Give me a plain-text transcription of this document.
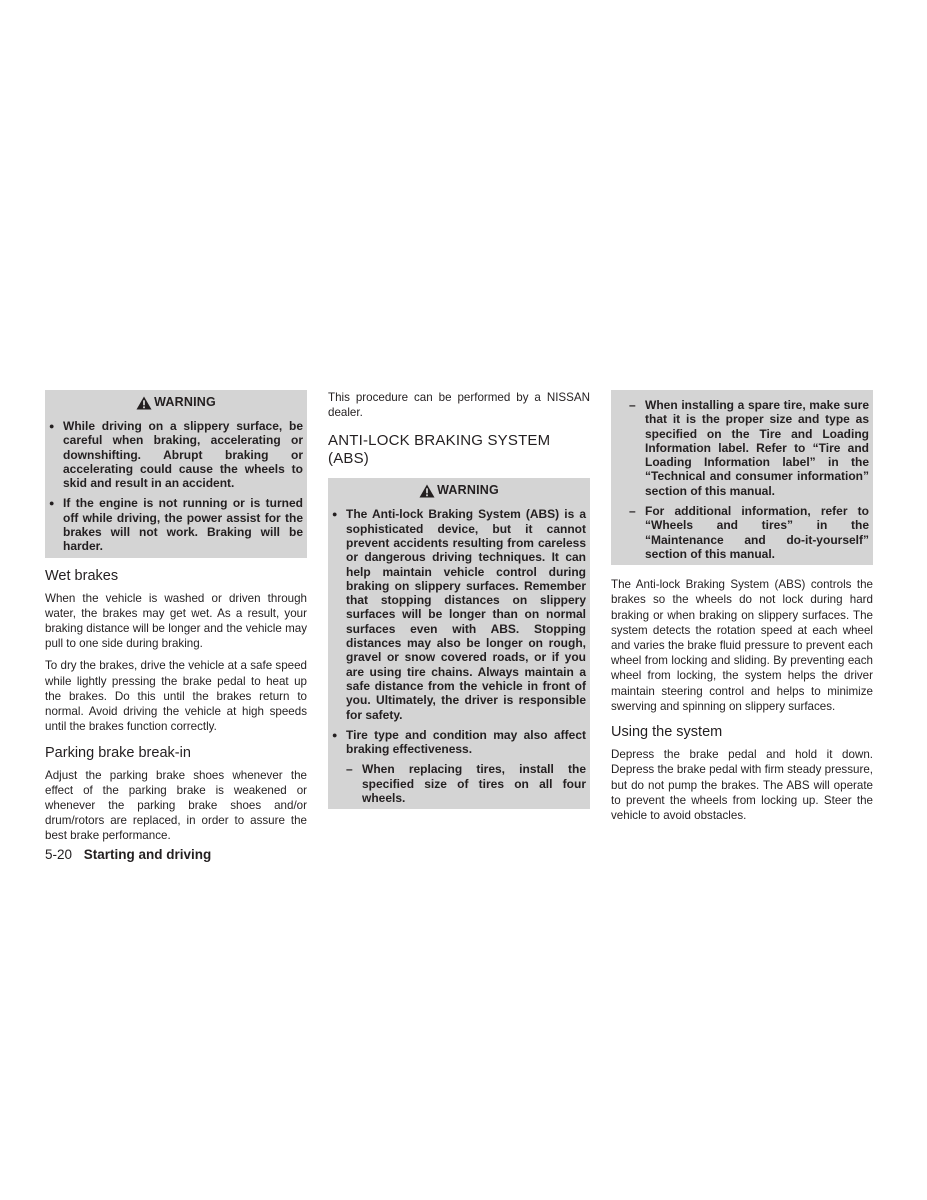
WARNING
● While driving on a slippery surface, be careful when braking, accelerating or downshifting. Abrupt braking or accelerating could cause the wheels to skid and result in an accident.
● If the engine is not running or is turned off while driving, the power assist for the brakes will not work. Braking will be harder.
Wet brakes

When the vehicle is washed or driven through water, the brakes may get wet. As a result, your braking distance will be longer and the vehicle may pull to one side during braking.

To dry the brakes, drive the vehicle at a safe speed while lightly pressing the brake pedal to heat up the brakes. Do this until the brakes return to normal. Avoid driving the vehicle at high speeds until the brakes function correctly.

Parking brake break-in

Adjust the parking brake shoes whenever the effect of the parking brake is weakened or whenever the parking brake shoes and/or drum/rotors are replaced, in order to assure the best brake performance.

This procedure can be performed by a NISSAN dealer.

ANTI-LOCK BRAKING SYSTEM (ABS)
WARNING
● The Anti-lock Braking System (ABS) is a sophisticated device, but it cannot prevent accidents resulting from careless or dangerous driving techniques. It can help maintain vehicle control during braking on slippery surfaces. Remember that stopping distances on slippery surfaces will be longer than on normal surfaces even with ABS. Stopping distances may also be longer on rough, gravel or snow covered roads, or if you are using tire chains. Always maintain a safe distance from the vehicle in front of you. Ultimately, the driver is responsible for safety.
● Tire type and condition may also affect braking effectiveness.
– When replacing tires, install the specified size of tires on all four wheels.
– When installing a spare tire, make sure that it is the proper size and type as specified on the Tire and Loading Information label. Refer to “Tire and Loading Information label” in the “Technical and consumer information” section of this manual.
– For additional information, refer to “Wheels and tires” in the “Maintenance and do-it-yourself” section of this manual.

The Anti-lock Braking System (ABS) controls the brakes so the wheels do not lock during hard braking or when braking on slippery surfaces. The system detects the rotation speed at each wheel and varies the brake fluid pressure to prevent each wheel from locking and sliding. By preventing each wheel from locking, the system helps the driver maintain steering control and helps to minimize swerving and spinning on slippery surfaces.

Using the system

Depress the brake pedal and hold it down. Depress the brake pedal with firm steady pressure, but do not pump the brakes. The ABS will operate to prevent the wheels from locking up. Steer the vehicle to avoid obstacles.

5-20 Starting and driving
